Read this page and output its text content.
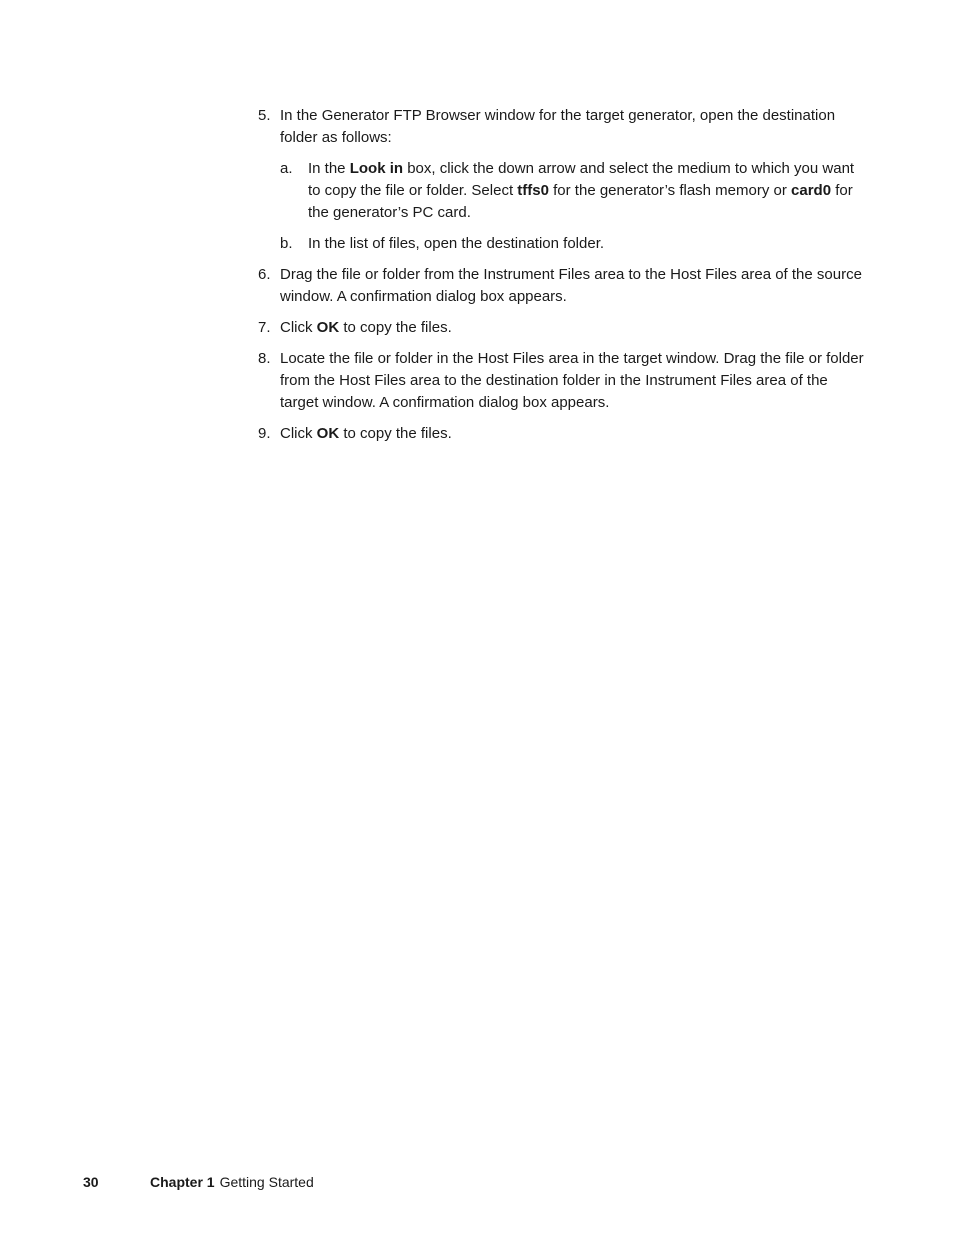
5. In the Generator FTP Browser window for the target generator, open the destination folder as follows:
a. In the Look in box, click the down arrow and select the medium to which you want to copy the file or folder. Select tffs0 for the generator’s flash memory or card0 for the generator’s PC card.
b. In the list of files, open the destination folder.
6. Drag the file or folder from the Instrument Files area to the Host Files area of the source window. A confirmation dialog box appears.
7. Click OK to copy the files.
8. Locate the file or folder in the Host Files area in the target window. Drag the file or folder from the Host Files area to the destination folder in the Instrument Files area of the target window. A confirmation dialog box appears.
9. Click OK to copy the files.
30	Chapter 1 Getting Started
